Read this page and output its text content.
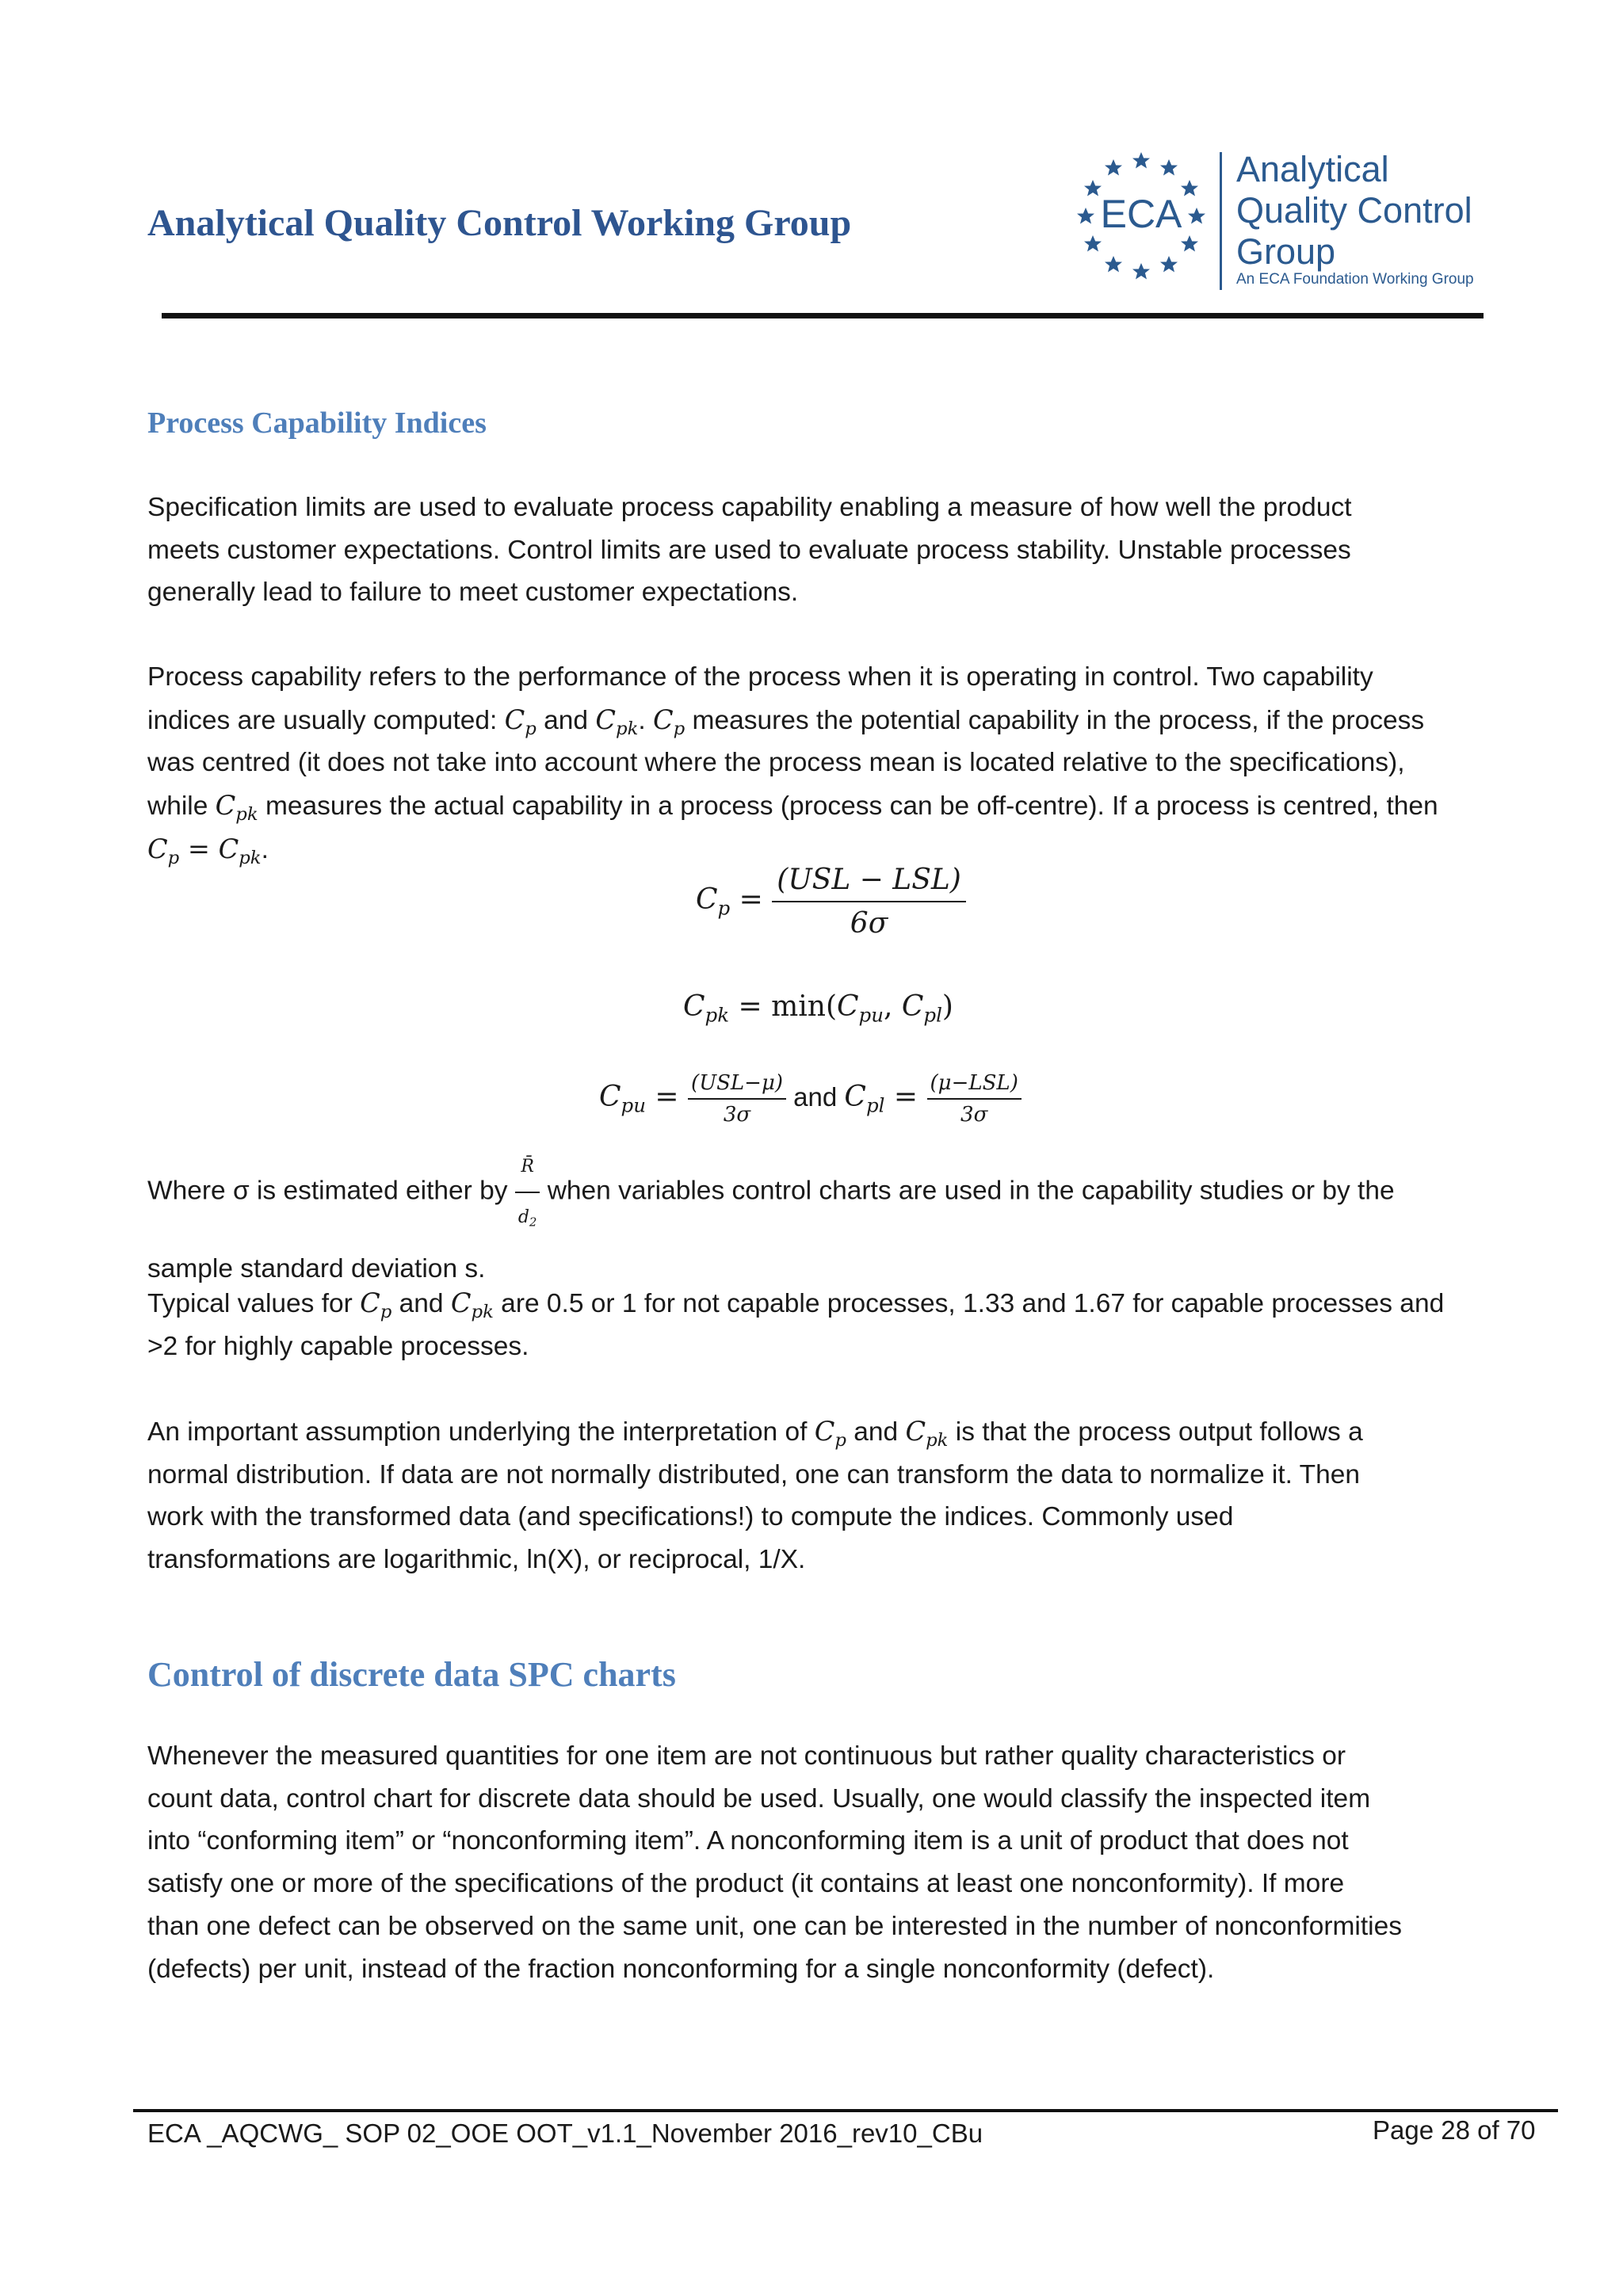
Analytical Quality Control Working Group	ECA
Analytical
Quality Control
Group
An ECA Foundation Working Group
Process Capability Indices
Specification limits are used to evaluate process capability enabling a measure of how well the product
meets customer expectations. Control limits are used to evaluate process stability. Unstable processes
generally lead to failure to meet customer expectations.
Process capability refers to the performance of the process when it is operating in control. Two capability
indices are usually computed: $C_p$ and $C_{pk}$. $C_p$ measures the potential capability in the process, if the process
was centred (it does not take into account where the process mean is located relative to the specifications),
while $C_{pk}$ measures the actual capability in a process (process can be off-centre). If a process is centred, then
$C_p = C_{pk}$.
$C_p = \frac{\text{(USL − LSL)}}{6\sigma}$
$C_{pk} = \min(C_{pu}$, $C_{pl}$)
$C_{pu} = \frac{\text{(USL−μ)}}{3\sigma}$ and $C_{pl} = \frac{\text{(μ−LSL)}}{3\sigma}$
Where σ is estimated either by $\frac{R̄}{d_2}$ when variables control charts are used in the capability studies or by the
sample standard deviation s.
Typical values for $C_p$ and $C_{pk}$ are 0.5 or 1 for not capable processes, 1.33 and 1.67 for capable processes and
>2 for highly capable processes.
An important assumption underlying the interpretation of $C_p$ and $C_{pk}$ is that the process output follows a
normal distribution. If data are not normally distributed, one can transform the data to normalize it. Then
work with the transformed data (and specifications!) to compute the indices. Commonly used
transformations are logarithmic, ln(X), or reciprocal, 1/X.
Control of discrete data SPC charts
Whenever the measured quantities for one item are not continuous but rather quality characteristics or
count data, control chart for discrete data should be used. Usually, one would classify the inspected item
into “conforming item” or “nonconforming item”. A nonconforming item is a unit of product that does not
satisfy one or more of the specifications of the product (it contains at least one nonconformity). If more
than one defect can be observed on the same unit, one can be interested in the number of nonconformities
(defects) per unit, instead of the fraction nonconforming for a single nonconformity (defect).
ECA _AQCWG_ SOP 02_OOE OOT_v1.1_November 2016_rev10_CBu	Page 28 of 70
